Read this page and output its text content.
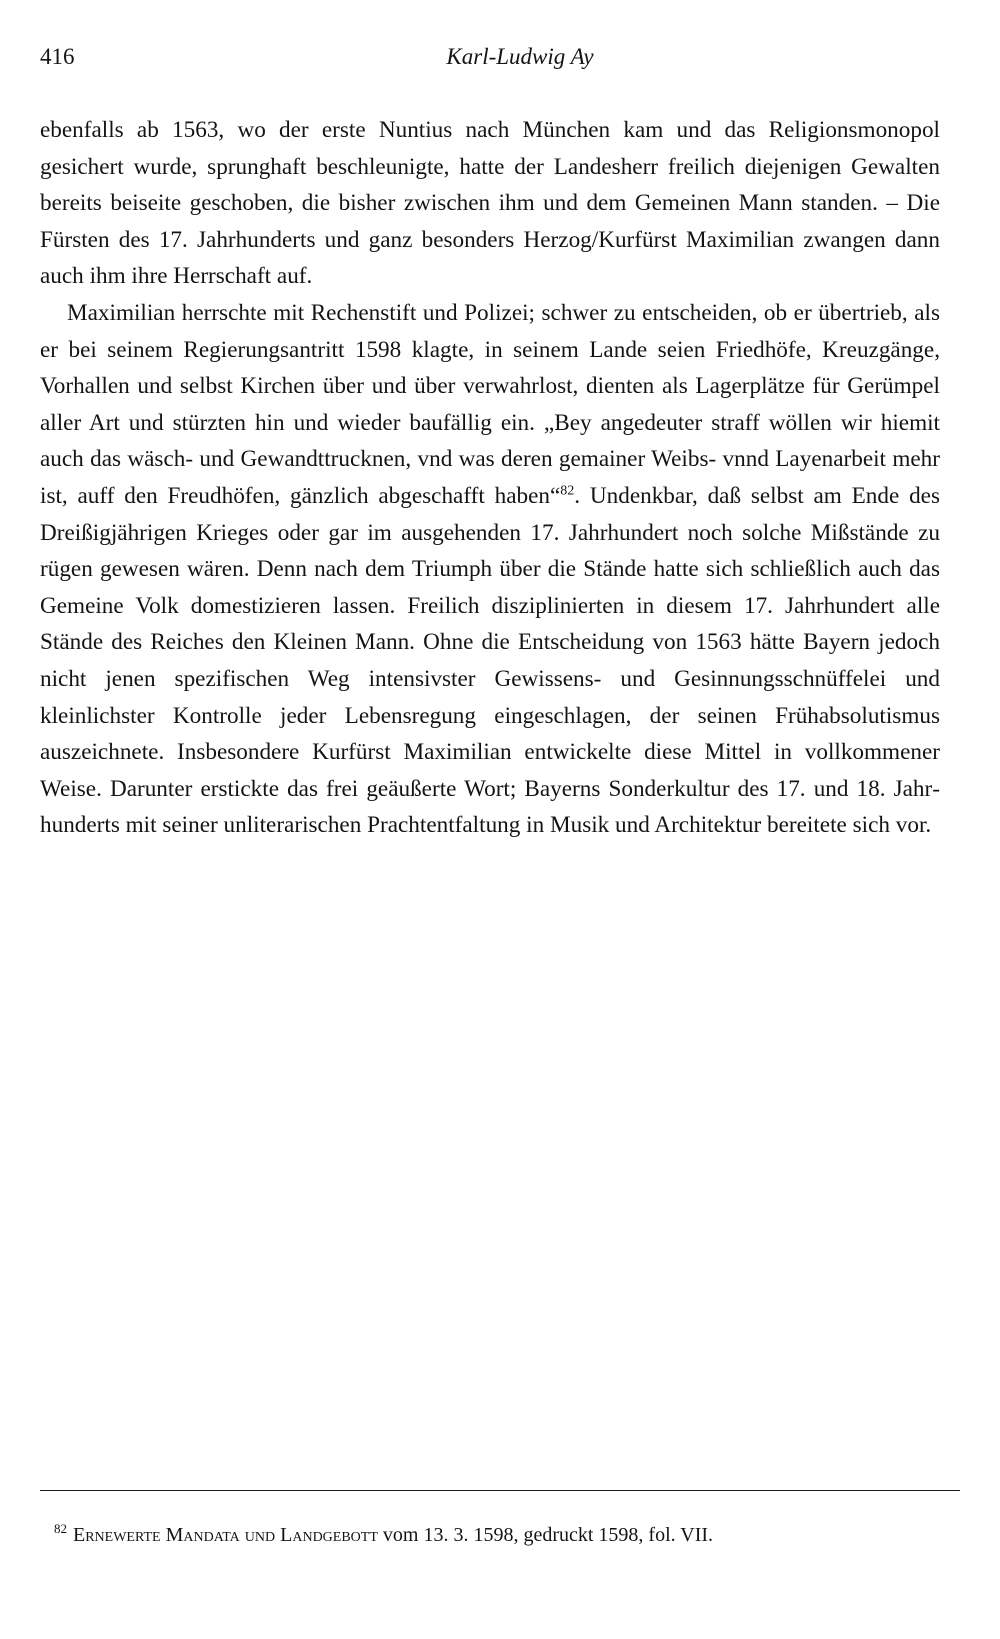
416	Karl-Ludwig Ay

ebenfalls ab 1563, wo der erste Nuntius nach München kam und das Religionsmonopol gesichert wurde, sprunghaft beschleunigte, hatte der Landesherr freilich diejenigen Gewalten bereits beiseite geschoben, die bisher zwischen ihm und dem Gemeinen Mann standen. – Die Fürsten des 17. Jahrhunderts und ganz besonders Herzog/Kurfürst Maximilian zwangen dann auch ihm ihre Herrschaft auf.

Maximilian herrschte mit Rechenstift und Polizei; schwer zu entscheiden, ob er übertrieb, als er bei seinem Regierungsantritt 1598 klagte, in seinem Lande seien Friedhöfe, Kreuzgänge, Vorhallen und selbst Kirchen über und über verwahrlost, dienten als Lagerplätze für Gerümpel aller Art und stürzten hin und wieder baufällig ein. „Bey angedeuter straff wöllen wir hiemit auch das wäsch- und Gewandttrucknen, vnd was deren gemainer Weibs- vnnd Layenarbeit mehr ist, auff den Freudhöfen, gänzlich abgeschafft haben“$^{82}$. Undenkbar, daß selbst am Ende des Dreißigjährigen Krieges oder gar im ausgehenden 17. Jahrhundert noch solche Mißstände zu rügen gewesen wären. Denn nach dem Triumph über die Stände hatte sich schließlich auch das Gemeine Volk domestizieren lassen. Freilich disziplinierten in diesem 17. Jahrhundert alle Stände des Reiches den Kleinen Mann. Ohne die Entscheidung von 1563 hätte Bayern jedoch nicht jenen spezifischen Weg intensivster Gewissens- und Gesinnungsschnüffelei und kleinlichster Kontrolle jeder Lebensregung eingeschlagen, der seinen Frühabsolutismus auszeichnete. Insbesondere Kurfürst Maximilian entwickelte diese Mittel in vollkommener Weise. Darunter erstickte das frei geäußerte Wort; Bayerns Sonderkultur des 17. und 18. Jahrhunderts mit seiner unliterarischen Prachtentfaltung in Musik und Architektur bereitete sich vor.

$^{82}$ Ernewerte Mandata und Landgebott vom 13. 3. 1598, gedruckt 1598, fol. VII.
